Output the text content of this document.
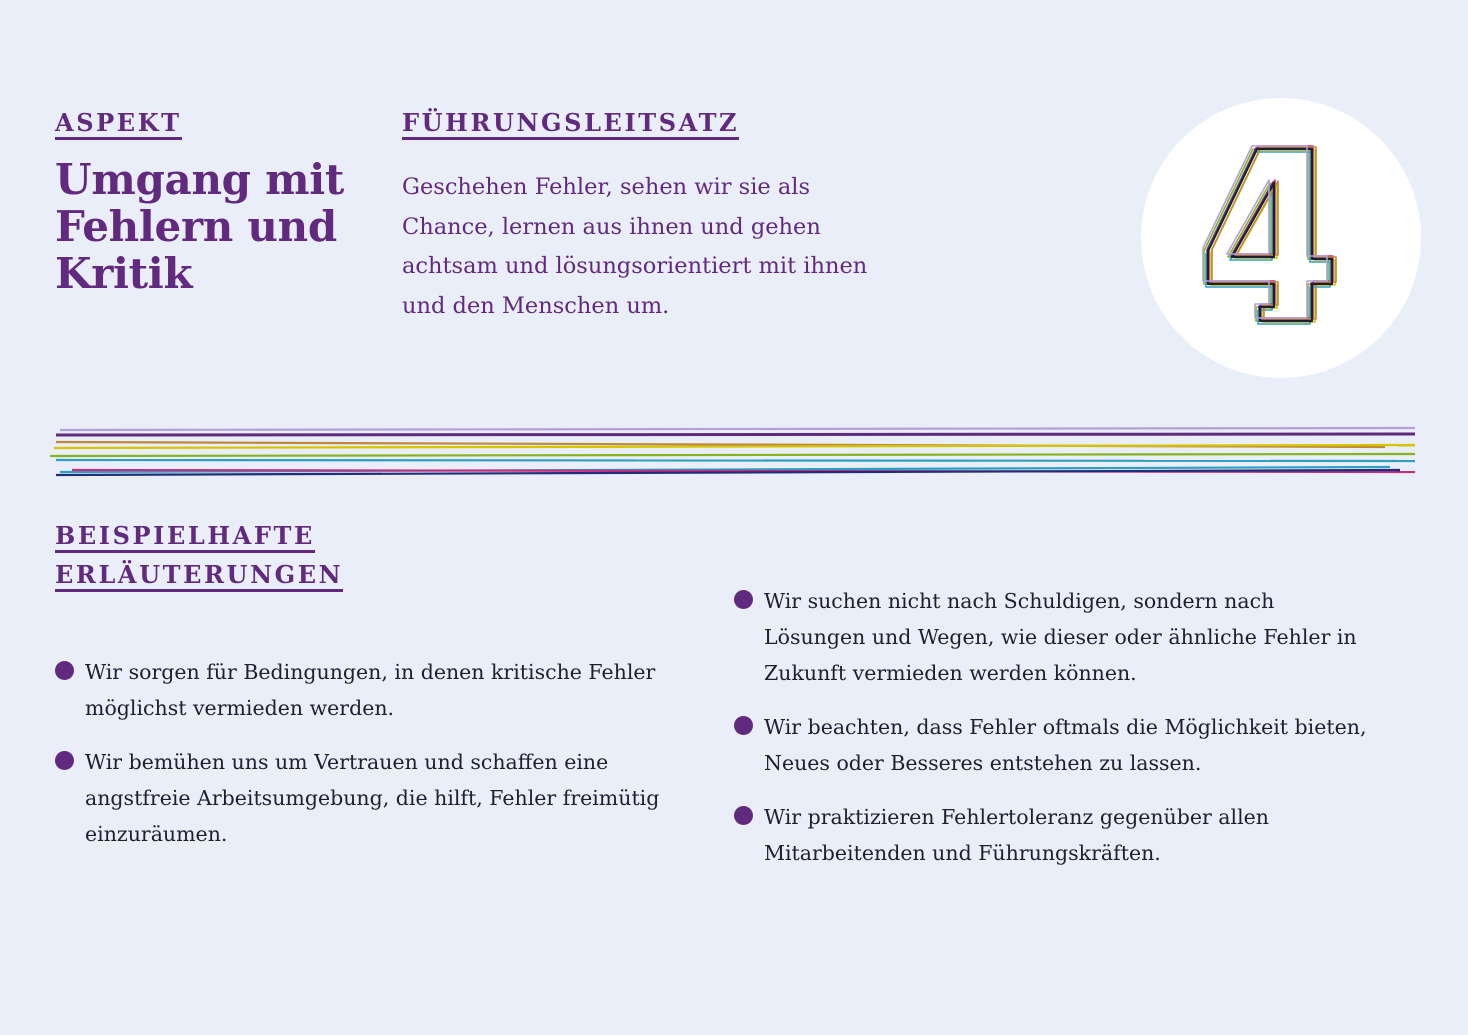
ASPEKT

Umgang mit Fehlern und Kritik

FÜHRUNGSLEITSATZ

Geschehen Fehler, sehen wir sie als Chance, lernen aus ihnen und gehen achtsam und lösungsorientiert mit ihnen und den Menschen um.

BEISPIELHAFTE
ERLÄUTERUNGEN

Wir sorgen für Bedingungen, in denen kritische Fehler möglichst vermieden werden.
Wir bemühen uns um Vertrauen und schaffen eine angstfreie Arbeitsumgebung, die hilft, Fehler freimütig einzuräumen.
Wir suchen nicht nach Schuldigen, sondern nach Lösungen und Wegen, wie dieser oder ähnliche Fehler in Zukunft vermieden werden können.
Wir beachten, dass Fehler oftmals die Möglichkeit bieten, Neues oder Besseres entstehen zu lassen.
Wir praktizieren Fehlertoleranz gegenüber allen Mitarbeitenden und Führungskräften.
